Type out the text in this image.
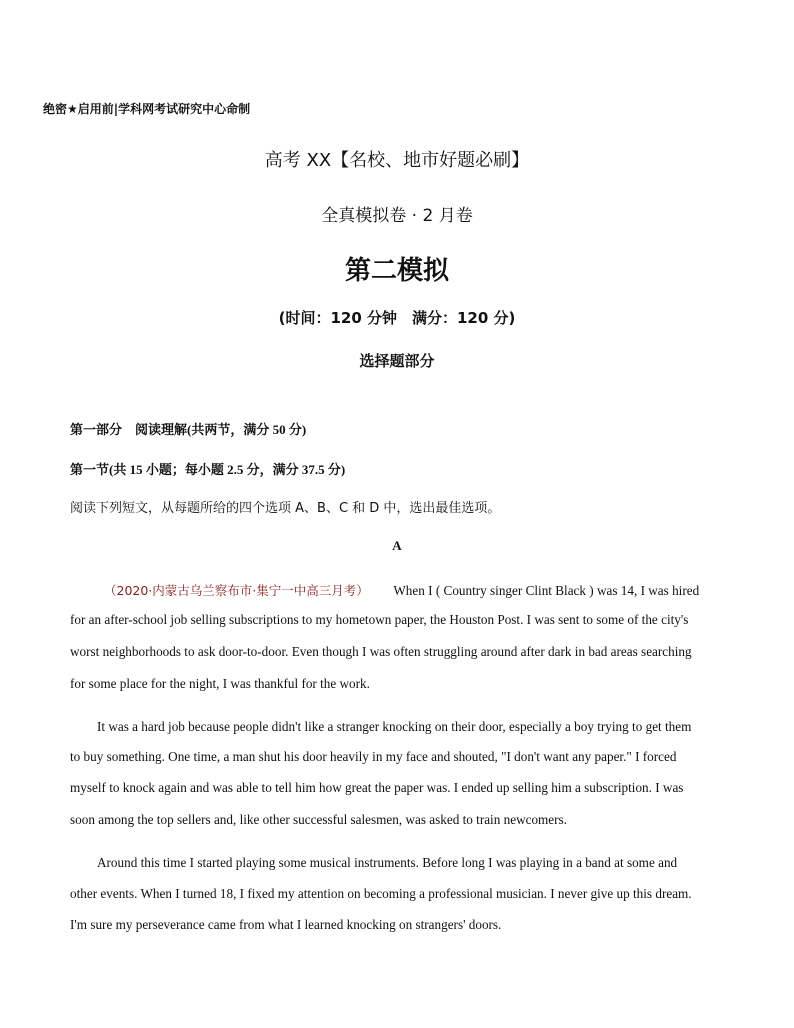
绝密★启用前|学科网考试研究中心命制
高考 XX【名校、地市好题必刷】
全真模拟卷 · 2 月卷
第二模拟
(时间：120 分钟　满分：120 分)
选择题部分
第一部分　阅读理解(共两节，满分 50 分)
第一节(共 15 小题；每小题 2.5 分，满分 37.5 分)
阅读下列短文，从每题所给的四个选项 A、B、C 和 D 中，选出最佳选项。
A
（2020·内蒙古乌兰察布市·集宁一中高三月考） When I ( Country singer Clint Black ) was 14, I was hired
for an after-school job selling subscriptions to my hometown paper, the Houston Post. I was sent to some of the city's
worst neighborhoods to ask door-to-door. Even though I was often struggling around after dark in bad areas searching
for some place for the night, I was thankful for the work.
It was a hard job because people didn't like a stranger knocking on their door, especially a boy trying to get them
to buy something. One time, a man shut his door heavily in my face and shouted, "I don't want any paper." I forced
myself to knock again and was able to tell him how great the paper was. I ended up selling him a subscription. I was
soon among the top sellers and, like other successful salesmen, was asked to train newcomers.
Around this time I started playing some musical instruments. Before long I was playing in a band at some and
other events. When I turned 18, I fixed my attention on becoming a professional musician. I never give up this dream.
I'm sure my perseverance came from what I learned knocking on strangers' doors.
